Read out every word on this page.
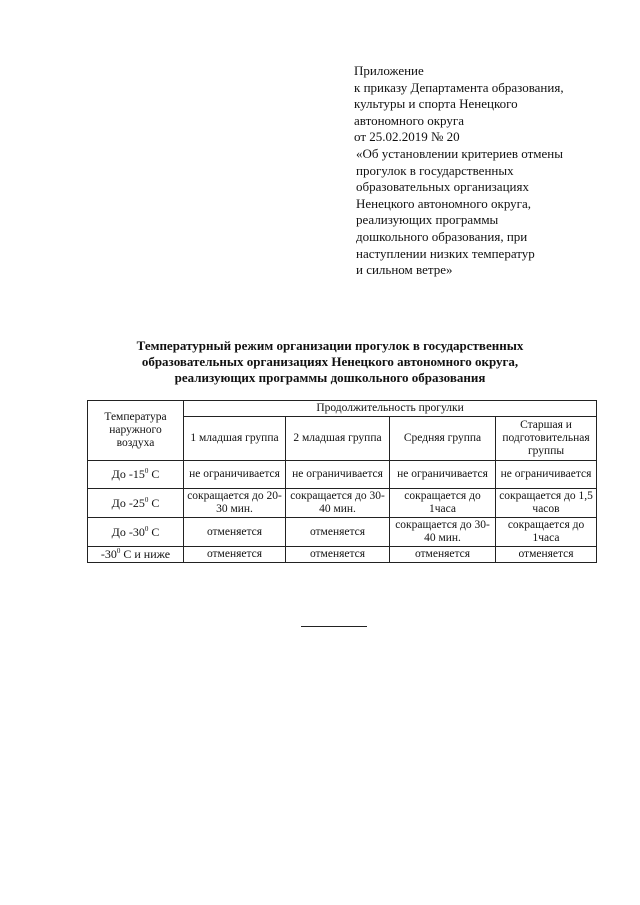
Приложение
к приказу Департамента образования,
культуры и спорта Ненецкого
автономного округа
от 25.02.2019 № 20
«Об установлении критериев отмены
прогулок в государственных
образовательных организациях
Ненецкого автономного округа,
реализующих программы
дошкольного образования, при
наступлении низких температур
и сильном ветре»
Температурный режим организации прогулок в государственных
образовательных организациях Ненецкого автономного округа,
реализующих программы дошкольного образования
Температура наружного воздуха	Продолжительность прогулки			
	1 младшая группа	2 младшая группа	Средняя группа	Старшая и подготовительная группы
До $-15^0$ С	не ограничивается	не ограничивается	не ограничивается	не ограничивается
До $-25^0$ С	сокращается до 20-30 мин.	сокращается до 30-40 мин.	сокращается до 1часа	сокращается до 1,5 часов
До $-30^0$ С	отменяется	отменяется	сокращается до 30-40 мин.	сокращается до 1часа
$-30^0$ С и ниже	отменяется	отменяется	отменяется	отменяется
